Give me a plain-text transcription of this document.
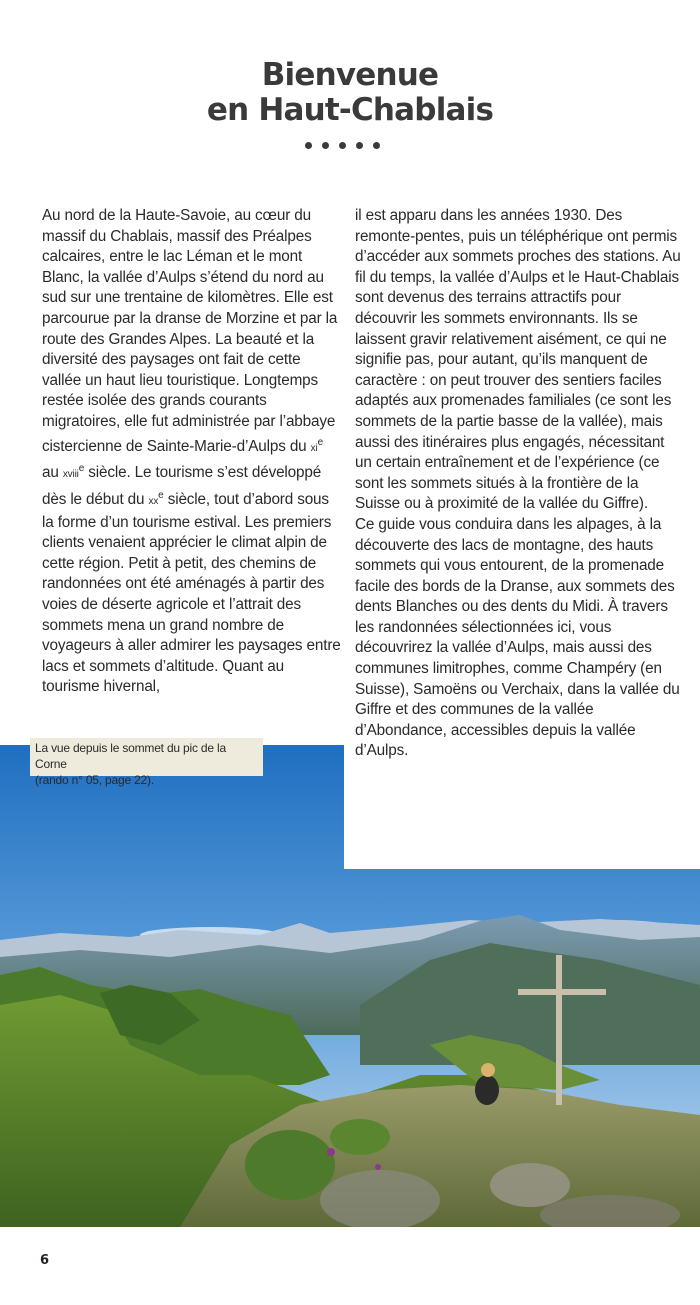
Bienvenue
en Haut-Chablais

Au nord de la Haute-Savoie, au cœur du massif du Chablais, massif des Préalpes calcaires, entre le lac Léman et le mont Blanc, la vallée d’Aulps s’étend du nord au sud sur une trentaine de kilomètres. Elle est parcourue par la dranse de Morzine et par la route des Grandes Alpes. La beauté et la diversité des paysages ont fait de cette vallée un haut lieu touristique. Longtemps restée isolée des grands courants migratoires, elle fut administrée par l’abbaye cistercienne de Sainte-Marie-d’Aulps du $xi^e$ au xviii$^e$ siècle. Le tourisme s’est développé dès le début du $xx^e$ siècle, tout d’abord sous la forme d’un tourisme estival. Les premiers clients venaient apprécier le climat alpin de cette région. Petit à petit, des chemins de randonnées ont été aménagés à partir des voies de déserte agricole et l’attrait des sommets mena un grand nombre de voyageurs à aller admirer les paysages entre lacs et sommets d’altitude. Quant au tourisme hivernal,

il est apparu dans les années 1930. Des remonte-pentes, puis un téléphérique ont permis d’accéder aux sommets proches des stations. Au fil du temps, la vallée d’Aulps et le Haut-Chablais sont devenus des terrains attractifs pour découvrir les sommets environnants. Ils se laissent gravir relativement aisément, ce qui ne signifie pas, pour autant, qu’ils manquent de caractère : on peut trouver des sentiers faciles adaptés aux promenades familiales (ce sont les sommets de la partie basse de la vallée), mais aussi des itinéraires plus engagés, nécessitant un certain entraînement et de l’expérience (ce sont les sommets situés à la frontière de la Suisse ou à proximité de la vallée du Giffre).

Ce guide vous conduira dans les alpages, à la découverte des lacs de montagne, des hauts sommets qui vous entourent, de la promenade facile des bords de la Dranse, aux sommets des dents Blanches ou des dents du Midi. À travers les randonnées sélectionnées ici, vous découvrirez la vallée d’Aulps, mais aussi des communes limitrophes, comme Champéry (en Suisse), Samoëns ou Verchaix, dans la vallée du Giffre et des communes de la vallée d’Abondance, accessibles depuis la vallée d’Aulps.

La vue depuis le sommet du pic de la Corne
(rando n° 05, page 22).
6
